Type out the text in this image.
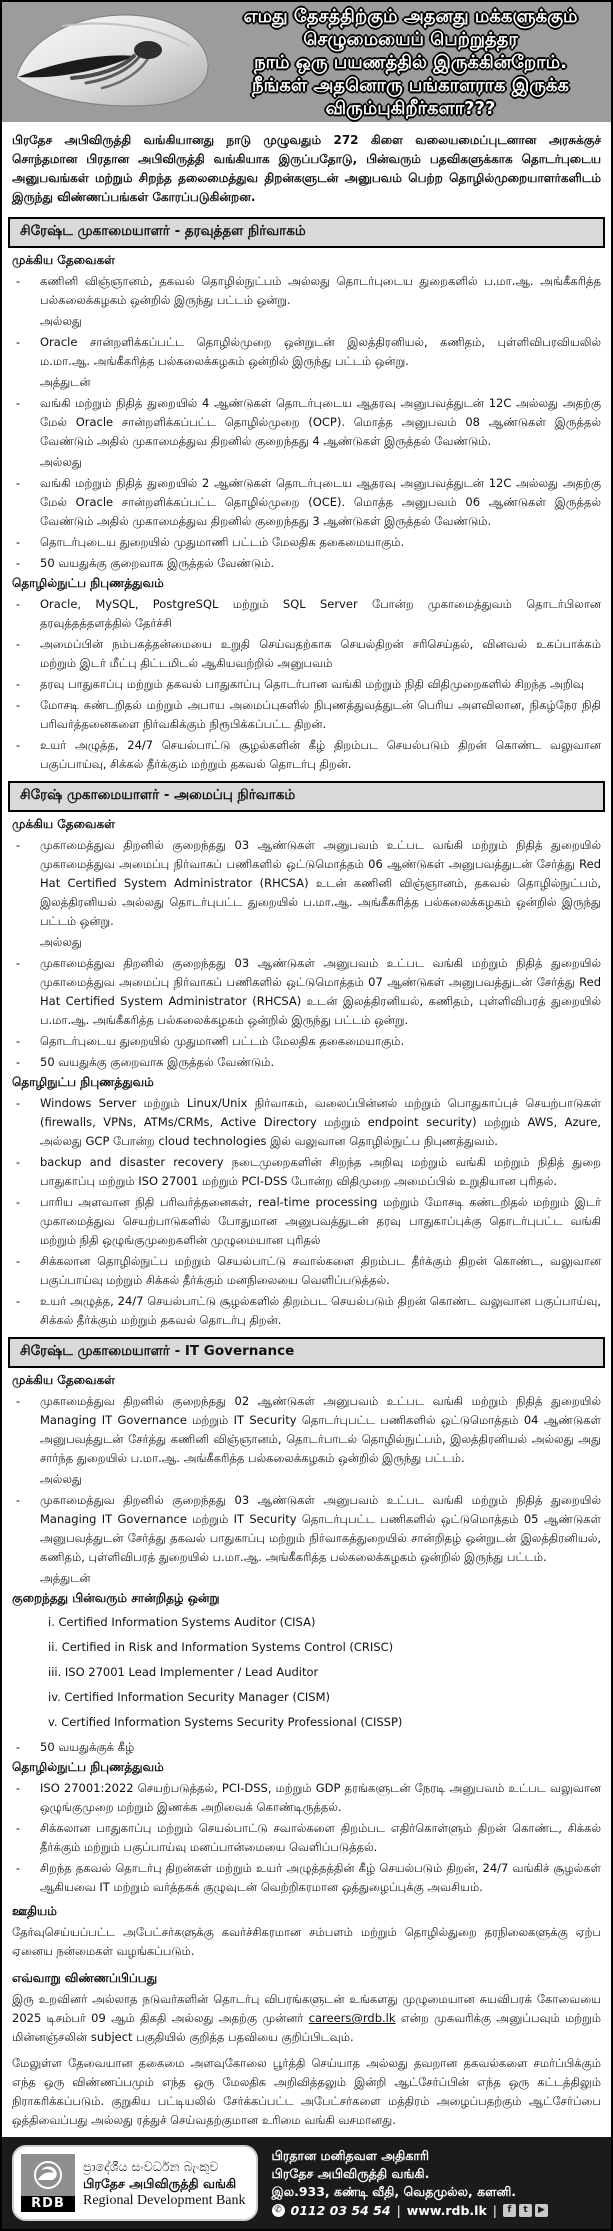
எமது தேசத்திற்கும் அதனது மக்களுக்கும்
செழுமையைப் பெற்றுத்தர
நாம் ஒரு பயணத்தில் இருக்கின்றோம்.
நீங்கள் அதனொரு பங்காளராக இருக்க
விரும்புகிறீர்களா???

பிரதேச அபிவிருத்தி வங்கியானது நாடு முழுவதும் 272 கிளை வலையமைப்புடனான அரசுக்குச் சொந்தமான பிரதான அபிவிருத்தி வங்கியாக இருப்பதோடு, பின்வரும் பதவிகளுக்காக தொடர்புடைய அனுபவங்கள் மற்றும் சிறந்த தலைமைத்துவ திறன்களுடன் அனுபவம் பெற்ற தொழில்முறையாளர்களிடம் இருந்து விண்ணப்பங்கள் கோரப்படுகின்றன.

சிரேஷ்ட முகாமையாளர் - தரவுத்தள நிர்வாகம்
முக்கிய தேவைகள்
- கணினி விஞ்ஞானம், தகவல் தொழில்நுட்பம் அல்லது தொடர்புடைய துறைகளில் ப.மா.ஆ. அங்கீகரித்த பல்கலைக்கழகம் ஒன்றில் இருந்து பட்டம் ஒன்று.
அல்லது
- Oracle சான்றளிக்கப்பட்ட தொழில்முறை ஒன்றுடன் இலத்திரனியல், கணிதம், புள்ளிவிபரவியலில் ம.மா.ஆ. அங்கீகரித்த பல்கலைக்கழகம் ஒன்றில் இருந்து பட்டம் ஒன்று.
அத்துடன்
- வங்கி மற்றும் நிதித் துறையில் 4 ஆண்டுகள் தொடர்புடைய ஆதரவு அனுபவத்துடன் 12C அல்லது அதற்கு மேல் Oracle சான்றளிக்கப்பட்ட தொழில்முறை (OCP). மொத்த அனுபவம் 08 ஆண்டுகள் இருத்தல் வேண்டும் அதில் முகாமைத்துவ திறனில் குறைந்தது 4 ஆண்டுகள் இருத்தல் வேண்டும்.
அல்லது
- வங்கி மற்றும் நிதித் துறையில் 2 ஆண்டுகள் தொடர்புடைய ஆதரவு அனுபவத்துடன் 12C அல்லது அதற்கு மேல் Oracle சான்றளிக்கப்பட்ட தொழில்முறை (OCE). மொத்த அனுபவம் 06 ஆண்டுகள் இருத்தல் வேண்டும் அதில் முகாமைத்துவ திறனில் குறைந்தது 3 ஆண்டுகள் இருத்தல் வேண்டும்.
- தொடர்புடைய துறையில் முதுமாணி பட்டம் மேலதிக தகைமையாகும்.
- 50 வயதுக்கு குறைவாக இருத்தல் வேண்டும்.
தொழில்நுட்ப நிபுணத்துவம்
- Oracle, MySQL, PostgreSQL மற்றும் SQL Server போன்ற முகாமைத்துவம் தொடர்பிலான தரவுத்தத்தளத்தில் தேர்ச்சி
- அமைப்பின் நம்பகத்தன்மையை உறுதி செய்வதற்காக செயல்திறன் சரிசெய்தல், வினவல் உகப்பாக்கம் மற்றும் இடர் மீட்பு திட்டமிடல் ஆகியவற்றில் அனுபவம்
- தரவு பாதுகாப்பு மற்றும் தகவல் பாதுகாப்பு தொடர்பான வங்கி மற்றும் நிதி விதிமுறைகளில் சிறந்த அறிவு
- மோசடி கண்டறிதல் மற்றும் அபாய அமைப்புகளில் நிபுணத்துவத்துடன் பெரிய அளவிலான, நிகழ்நேர நிதி பரிவர்த்தனைகளை நிர்வகிக்கும் நிரூபிக்கப்பட்ட திறன்.
- உயர் அழுத்த, 24/7 செயல்பாட்டு சூழல்களின் கீழ் திறம்பட செயல்படும் திறன் கொண்ட வலுவான பகுப்பாய்வு, சிக்கல் தீர்க்கும் மற்றும் தகவல் தொடர்பு திறன்.
சிரேஷ் முகாமையாளர் - அமைப்பு நிர்வாகம்
முக்கிய தேவைகள்
- முகாமைத்துவ திறனில் குறைந்தது 03 ஆண்டுகள் அனுபவம் உட்பட வங்கி மற்றும் நிதித் துறையில் முகாமைத்துவ அமைப்பு நிர்வாகப் பணிகளில் ஒட்டுமொத்தம் 06 ஆண்டுகள் அனுபவத்துடன் சேர்த்து Red Hat Certified System Administrator (RHCSA) உடன் கணினி விஞ்ஞானம், தகவல் தொழில்நுட்பம், இலத்திரனியல் அல்லது தொடர்புபட்ட துறையில் ப.மா.ஆ. அங்கீகரித்த பல்கலைக்கழகம் ஒன்றில் இருந்து பட்டம் ஒன்று.
அல்லது
- முகாமைத்துவ திறனில் குறைந்தது 03 ஆண்டுகள் அனுபவம் உட்பட வங்கி மற்றும் நிதித் துறையில் முகாமைத்துவ அமைப்பு நிர்வாகப் பணிகளில் ஒட்டுமொத்தம் 07 ஆண்டுகள் அனுபவத்துடன் சேர்த்து Red Hat Certified System Administrator (RHCSA) உடன் இலத்திரனியல், கணிதம், புள்ளிவிபரத் துறையில் ப.மா.ஆ. அங்கீகரித்த பல்கலைக்கழகம் ஒன்றில் இருந்து பட்டம் ஒன்று.
- தொடர்புடைய துறையில் முதுமாணி பட்டம் மேலதிக தகைமையாகும்.
- 50 வயதுக்கு குறைவாக இருத்தல் வேண்டும்.
தொழிநுட்ப நிபுணத்துவம்
- Windows Server மற்றும் Linux/Unix நிர்வாகம், வலைப்பின்னல் மற்றும் பொதுகாப்புச் செயற்பாடுகள் (firewalls, VPNs, ATMs/CRMs, Active Directory மற்றும் endpoint security) மற்றும் AWS, Azure, அல்லது GCP போன்ற cloud technologies இல் வலுவான தொழில்நுட்ப நிபுணத்துவம்.
- backup and disaster recovery நடைமுறைகளின் சிறந்த அறிவு மற்றும் வங்கி மற்றும் நிதித் துறை பாதுகாப்பு மற்றும் ISO 27001 மற்றும் PCI-DSS போன்ற விதிமுறை அமைப்பில் உறுதியான புரிதல்.
- பாரிய அளவான நிதி பரிவர்த்தனைகள், real-time processing மற்றும் மோசடி கண்டறிதல் மற்றும் இடர் முகாமைத்துவ செயற்பாடுகளில் போதுமான அனுபவத்துடன் தரவு பாதுகாப்புக்கு தொடர்புபட்ட வங்கி மற்றும் நிதி ஒழுங்குமுறைகளின் முழுமையான புரிதல்
- சிக்கலான தொழில்நுட்ப மற்றும் செயல்பாட்டு சவால்களை திறம்பட தீர்க்கும் திறன் கொண்ட, வலுவான பகுப்பாய்வு மற்றும் சிக்கல் தீர்க்கும் மனநிலையை வெளிப்படுத்தல்.
- உயர் அழுத்த, 24/7 செயல்பாட்டு சூழல்களில் திறம்பட செயல்படும் திறன் கொண்ட வலுவான பகுப்பாய்வு, சிக்கல் தீர்க்கும் மற்றும் தகவல் தொடர்பு திறன்.
சிரேஷ்ட முகாமையாளர் - IT Governance
முக்கிய தேவைகள்
- முகாமைத்துவ திறனில் குறைந்தது 02 ஆண்டுகள் அனுபவம் உட்பட வங்கி மற்றும் நிதித் துறையில் Managing IT Governance மற்றும் IT Security தொடர்புபட்ட பணிகளில் ஒட்டுமொத்தம் 04 ஆண்டுகள் அனுபவத்துடன் சேர்த்து கணினி விஞ்ஞானம், தொடர்பாடல் தொழில்நுட்பம், இலத்திரனியல் அல்லது அது சார்ந்த துறையில் ப.மா.ஆ. அங்கீகரித்த பல்கலைக்கழகம் ஒன்றில் இருந்து பட்டம்.
அல்லது
- முகாமைத்துவ திறனில் குறைந்தது 03 ஆண்டுகள் அனுபவம் உட்பட வங்கி மற்றும் நிதித் துறையில் Managing IT Governance மற்றும் IT Security தொடர்புபட்ட பணிகளில் ஒட்டுமொத்தம் 05 ஆண்டுகள் அனுபவத்துடன் சேர்த்து தகவல் பாதுகாப்பு மற்றும் நிர்வாகத்துறையில் சான்றிதழ் ஒன்றுடன் இலத்திரனியல், கணிதம், புள்ளிவிபரத் துறையில் ப.மா.ஆ. அங்கீகரித்த பல்கலைக்கழகம் ஒன்றில் இருந்து பட்டம்.
அத்துடன்
குறைந்தது பின்வரும் சான்றிதழ் ஒன்று
i. Certified Information Systems Auditor (CISA)
ii. Certified in Risk and Information Systems Control (CRISC)
iii. ISO 27001 Lead Implementer / Lead Auditor
iv. Certified Information Security Manager (CISM)
v. Certified Information Systems Security Professional (CISSP)
- 50 வயதுக்குக் கீழ்
தொழில்நுட்ப நிபுணத்துவம்
- ISO 27001:2022 செயற்படுத்தல், PCI-DSS, மற்றும் GDP தரங்களுடன் நேரடி அனுபவம் உட்பட வலுவான ஒழுங்குமுறை மற்றும் இணக்க அறிவைக் கொண்டிருத்தல்.
- சிக்கலான பாதுகாப்பு மற்றும் செயல்பாட்டு சவால்களை திறம்பட எதிர்கொள்ளும் திறன் கொண்ட, சிக்கல் தீர்க்கும் மற்றும் பகுப்பாய்வு மனப்பான்மையை வெளிப்படுத்தல்.
- சிறந்த தகவல் தொடர்பு திறன்கள் மற்றும் உயர் அழுத்தத்தின் கீழ் செயல்படும் திறன், 24/7 வங்கிச் சூழல்கள் ஆகியவை IT மற்றும் வர்த்தகக் குழுவுடன் வெற்றிகரமான ஒத்துழைப்புக்கு அவசியம்.
ஊதியம்

தேர்வுசெய்யப்பட்ட அபேட்சர்களுக்கு கவர்ச்சிகரமான சம்பளம் மற்றும் தொழில்துறை தரநிலைகளுக்கு ஏற்ப ஏனைய நன்மைகள் வழங்கப்படும்.

எவ்வாறு விண்ணப்பிப்பது

இரு உறவினர் அல்லாத நடுவர்களின் தொடர்பு விபரங்களுடன் உங்களது முழுமையான சுயவிபரக் கோவையை 2025 டிசம்பர் 09 ஆம் திகதி அல்லது அதற்கு முன்னர் careers@rdb.lk என்ற முகவரிக்கு அனுப்பவும் மற்றும் மின்னஞ்சலின் subject பகுதியில் குறித்த பதவியை குறிப்பிடவும்.

மேலுள்ள தேவையான தகைமை அளவுகோலை பூர்த்தி செய்யாத அல்லது தவறான தகவல்களை சமர்ப்பிக்கும் எந்த ஒரு விண்ணப்பமும் எந்த ஒரு மேலதிக அறிவித்தலும் இன்றி ஆட்சேர்ப்பின் எந்த ஒரு கட்டத்திலும் நிராகரிக்கப்படும். குறுகிய பட்டியலில் சேர்க்கப்பட்ட அபேட்சர்களை மத்திரம் அழைப்பதற்கும் ஆட்சேர்ப்பை ஒத்திவைப்பது அல்லது ரத்துச் செய்வதற்குமான உரிமை வங்கி வசமானது.

RDB
ප්‍රාදේශීය සංවර්ධන බැංකුව
பிரதேச அபிவிருத்தி வங்கி
Regional Development Bank
பிரதான மனிதவள அதிகாரி
பிரதேச அபிவிருத்தி வங்கி.
இல.933, கண்டி வீதி, வெதமுல்ல, களனி.
✆ 0112 03 54 54 | www.rdb.lk |	f	t	▶
